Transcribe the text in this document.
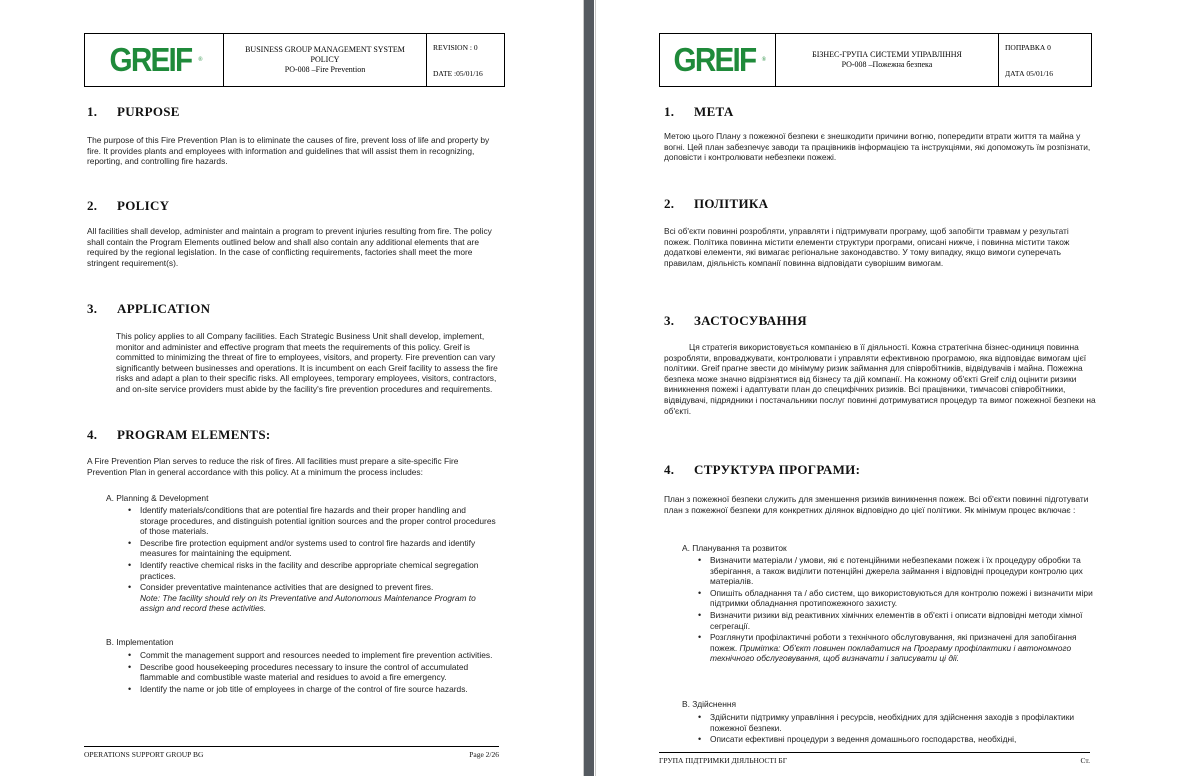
GREIF ®
BUSINESS GROUP MANAGEMENT SYSTEM
POLICY
PO-008 –Fire Prevention
REVISION : 0
DATE :05/01/16
1. PURPOSE
The purpose of this Fire Prevention Plan is to eliminate the causes of fire, prevent loss of life and property by fire. It provides plants and employees with information and guidelines that will assist them in recognizing, reporting, and controlling fire hazards.
2. POLICY
All facilities shall develop, administer and maintain a program to prevent injuries resulting from fire. The policy shall contain the Program Elements outlined below and shall also contain any additional elements that are required by the regional legislation. In the case of conflicting requirements, factories shall meet the more stringent requirement(s).
3. APPLICATION
This policy applies to all Company facilities. Each Strategic Business Unit shall develop, implement, monitor and administer and effective program that meets the requirements of this policy. Greif is committed to minimizing the threat of fire to employees, visitors, and property. Fire prevention can vary significantly between businesses and operations. It is incumbent on each Greif facility to assess the fire risks and adapt a plan to their specific risks. All employees, temporary employees, visitors, contractors, and on-site service providers must abide by the facility's fire prevention procedures and requirements.
4. PROGRAM ELEMENTS:
A Fire Prevention Plan serves to reduce the risk of fires. All facilities must prepare a site-specific Fire Prevention Plan in general accordance with this policy. At a minimum the process includes:
A. Planning & Development
• Identify materials/conditions that are potential fire hazards and their proper handling and storage procedures, and distinguish potential ignition sources and the proper control procedures of those materials.
• Describe fire protection equipment and/or systems used to control fire hazards and identify measures for maintaining the equipment.
• Identify reactive chemical risks in the facility and describe appropriate chemical segregation practices.
• Consider preventative maintenance activities that are designed to prevent fires.
Note: The facility should rely on its Preventative and Autonomous Maintenance Program to assign and record these activities.
B. Implementation
• Commit the management support and resources needed to implement fire prevention activities.
• Describe good housekeeping procedures necessary to insure the control of accumulated flammable and combustible waste material and residues to avoid a fire emergency.
• Identify the name or job title of employees in charge of the control of fire source hazards.
OPERATIONS SUPPORT GROUP BG	Page 2/26
GREIF ®
БІЗНЕС-ГРУПА СИСТЕМИ УПРАВЛІННЯ
PO-008 –Пожежна безпека
ПОПРАВКА 0
ДАТА 05/01/16
1. МЕТА
Метою цього Плану з пожежної безпеки є знешкодити причини вогню, попередити втрати життя та майна у вогні. Цей план забезпечує заводи та працівників інформацією та інструкціями, які допоможуть їм розпізнати, доповісти і контролювати небезпеки пожежі.
2. ПОЛІТИКА
Всі об'єкти повинні розробляти, управляти і підтримувати програму, щоб запобігти травмам у результаті пожеж. Політика повинна містити елементи структури програми, описані нижче, і повинна містити також додаткові елементи, які вимагає регіональне законодавство. У тому випадку, якщо вимоги суперечать правилам, діяльність компанії повинна відповідати суворішим вимогам.
3. ЗАСТОСУВАННЯ
Ця стратегія використовується компанією в її діяльності. Кожна стратегічна бізнес-одиниця повинна розробляти, впроваджувати, контролювати і управляти ефективною програмою, яка відповідає вимогам цієї політики. Greif прагне звести до мінімуму ризик займання для співробітників, відвідувачів і майна. Пожежна безпека може значно відрізнятися від бізнесу та дій компанії. На кожному об'єкті Greif слід оцінити ризики виникнення пожежі і адаптувати план до специфічних ризиків. Всі працівники, тимчасові співробітники, відвідувачі, підрядники і постачальники послуг повинні дотримуватися процедур та вимог пожежної безпеки на об'єкті.
4. СТРУКТУРА ПРОГРАМИ:
План з пожежної безпеки служить для зменшення ризиків виникнення пожеж. Всі об'єкти повинні підготувати план з пожежної безпеки для конкретних ділянок відповідно до цієї політики. Як мінімум процес включає :
A. Планування та розвиток
• Визначити матеріали / умови, які є потенційними небезпеками пожеж і їх процедуру обробки та зберігання, а також виділити потенційні джерела займання і відповідні процедури контролю цих матеріалів.
• Опишіть обладнання та / або систем, що використовуються для контролю пожежі і визначити міри підтримки обладнання протипожежного захисту.
• Визначити ризики від реактивних хімічних елементів в об'єкті і описати відповідні методи хімної сегрегації.
• Розглянути профілактичні роботи з технічного обслуговування, які призначені для запобігання пожеж. Примітка: Об'єкт повинен покладатися на Програму профілактики і автономного технічного обслуговування, щоб визначати і записувати ці дії.
B. Здійснення
• Здійснити підтримку управління і ресурсів, необхідних для здійснення заходів з профілактики пожежної безпеки.
• Описати ефективні процедури з ведення домашнього господарства, необхідні,
ГРУПА ПІДТРИМКИ ДІЯЛЬНОСТІ БГ	Ст.
